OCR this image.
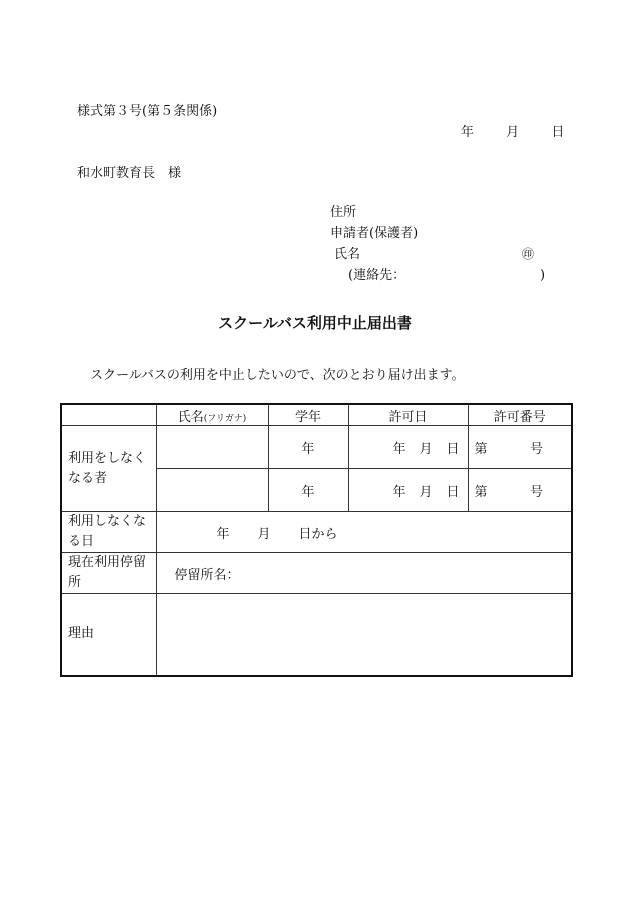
様式第３号(第５条関係)
年 月 日
和水町教育長　様
住所
申請者(保護者)
氏名	㊞
(連絡先：	)
スクールバス利用中止届出書
スクールバスの利用を中止したいので、次のとおり届け出ます。
	氏名(フリガナ)	学年	許可日	許可番号
利用をしなくなる者		年	年 月 日	第 号

		年	年 月 日	第 号

利用しなくなる日	年 月 日から			
現在利用停留所	停留所名：			
理由				
